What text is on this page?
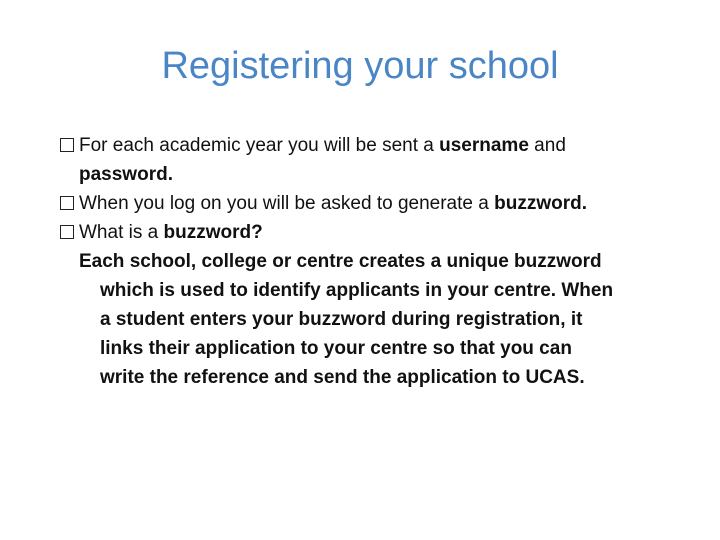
Registering your school
For each academic year you will be sent a username and
password.
When you log on you will be asked to generate a buzzword.
What is a buzzword?
Each school, college or centre creates a unique buzzword
which is used to identify applicants in your centre. When
a student enters your buzzword during registration, it
links their application to your centre so that you can
write the reference and send the application to UCAS.
